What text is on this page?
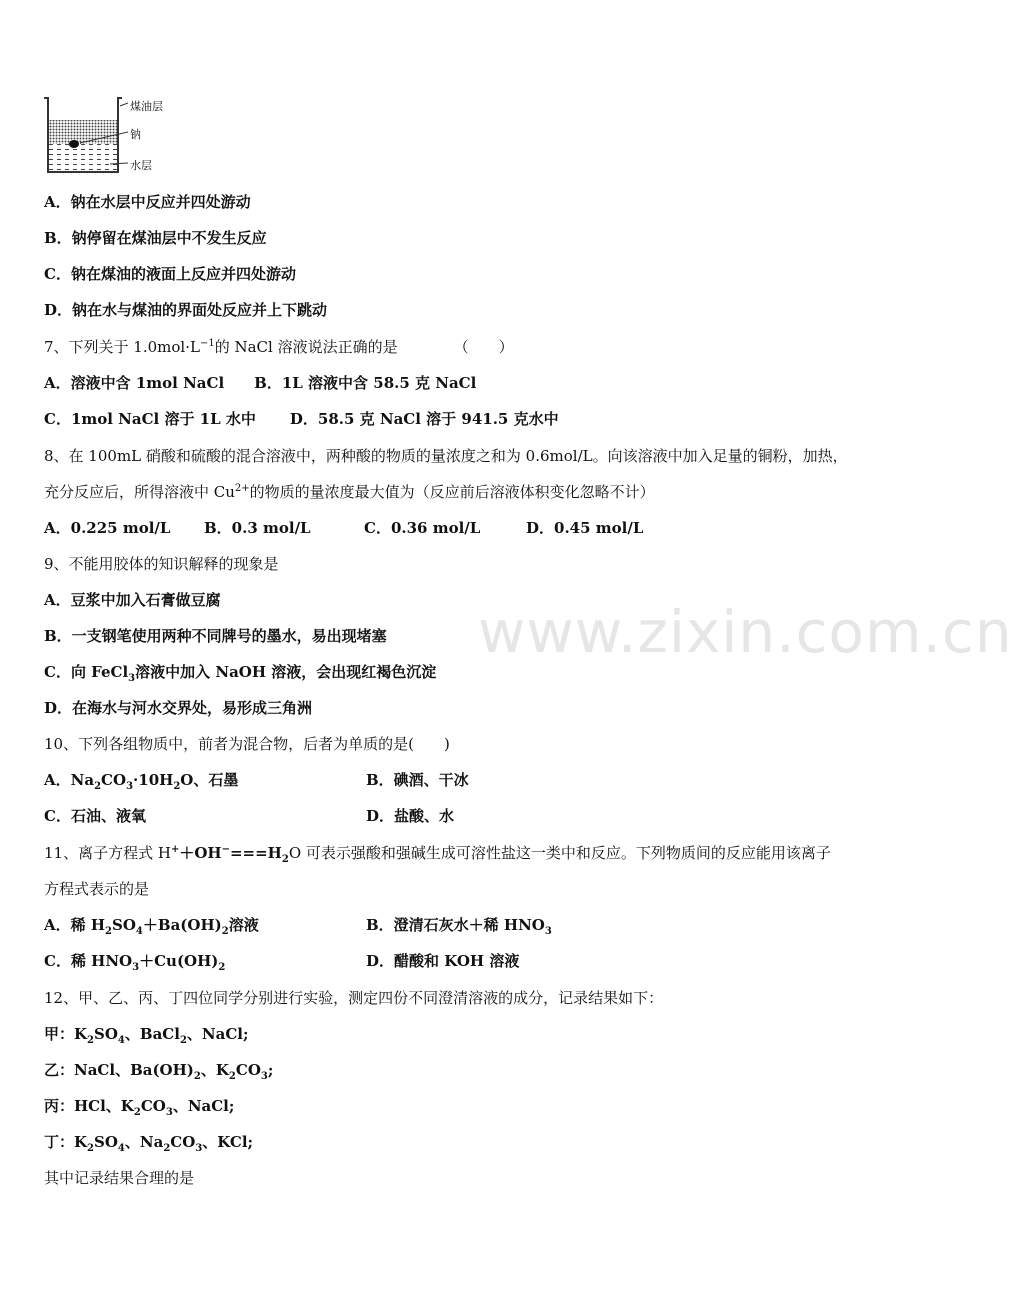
www.zixin.com.cn
煤油层
钠
水层
A．钠在水层中反应并四处游动
B．钠停留在煤油层中不发生反应
C．钠在煤油的液面上反应并四处游动
D．钠在水与煤油的界面处反应并上下跳动
7、下列关于 $1.0mol\cdot L^{-1}$的 NaCl 溶液说法正确的是	（　　）
A．溶液中含 1mol NaCl B．1L 溶液中含 58.5 克 NaCl
C．1mol NaCl 溶于 1L 水中 D．58.5 克 NaCl 溶于 941.5 克水中
8、在 100mL 硝酸和硫酸的混合溶液中，两种酸的物质的量浓度之和为 0.6mol/L。向该溶液中加入足量的铜粉，加热，
充分反应后，所得溶液中 $Cu^{2+}$的物质的量浓度最大值为（反应前后溶液体积变化忽略不计）
A．0.225 mol/L B．0.3 mol/L	C．0.36 mol/L	D．0.45 mol/L
9、不能用胶体的知识解释的现象是
A．豆浆中加入石膏做豆腐
B．一支钢笔使用两种不同牌号的墨水，易出现堵塞
C．向 FeCl$_3$溶液中加入 NaOH 溶液，会出现红褐色沉淀
D．在海水与河水交界处，易形成三角洲
10、下列各组物质中，前者为混合物，后者为单质的是(　　)
A．$Na_2CO_3\cdot 10H_2O$、石墨	B．碘酒、干冰
C．石油、液氧	D．盐酸、水
11、离子方程式 $H^++OH^-===H_2O$ 可表示强酸和强碱生成可溶性盐这一类中和反应。下列物质间的反应能用该离子
方程式表示的是
A．稀 $H_2SO_4+Ba(OH)_2$溶液	B．澄清石灰水＋稀 $HNO_3$
C．稀 $HNO_3+Cu(OH)_2$	D．醋酸和 KOH 溶液
12、甲、乙、丙、丁四位同学分别进行实验，测定四份不同澄清溶液的成分，记录结果如下：
甲：$K_2SO_4$、BaCl$_2$、NaCl;
乙：NaCl、$Ba(OH)_2$、$K_2CO_3$;
丙：HCl、$K_2CO_3$、NaCl;
丁：$K_2SO_4$、$Na_2CO_3$、KCl;
其中记录结果合理的是
